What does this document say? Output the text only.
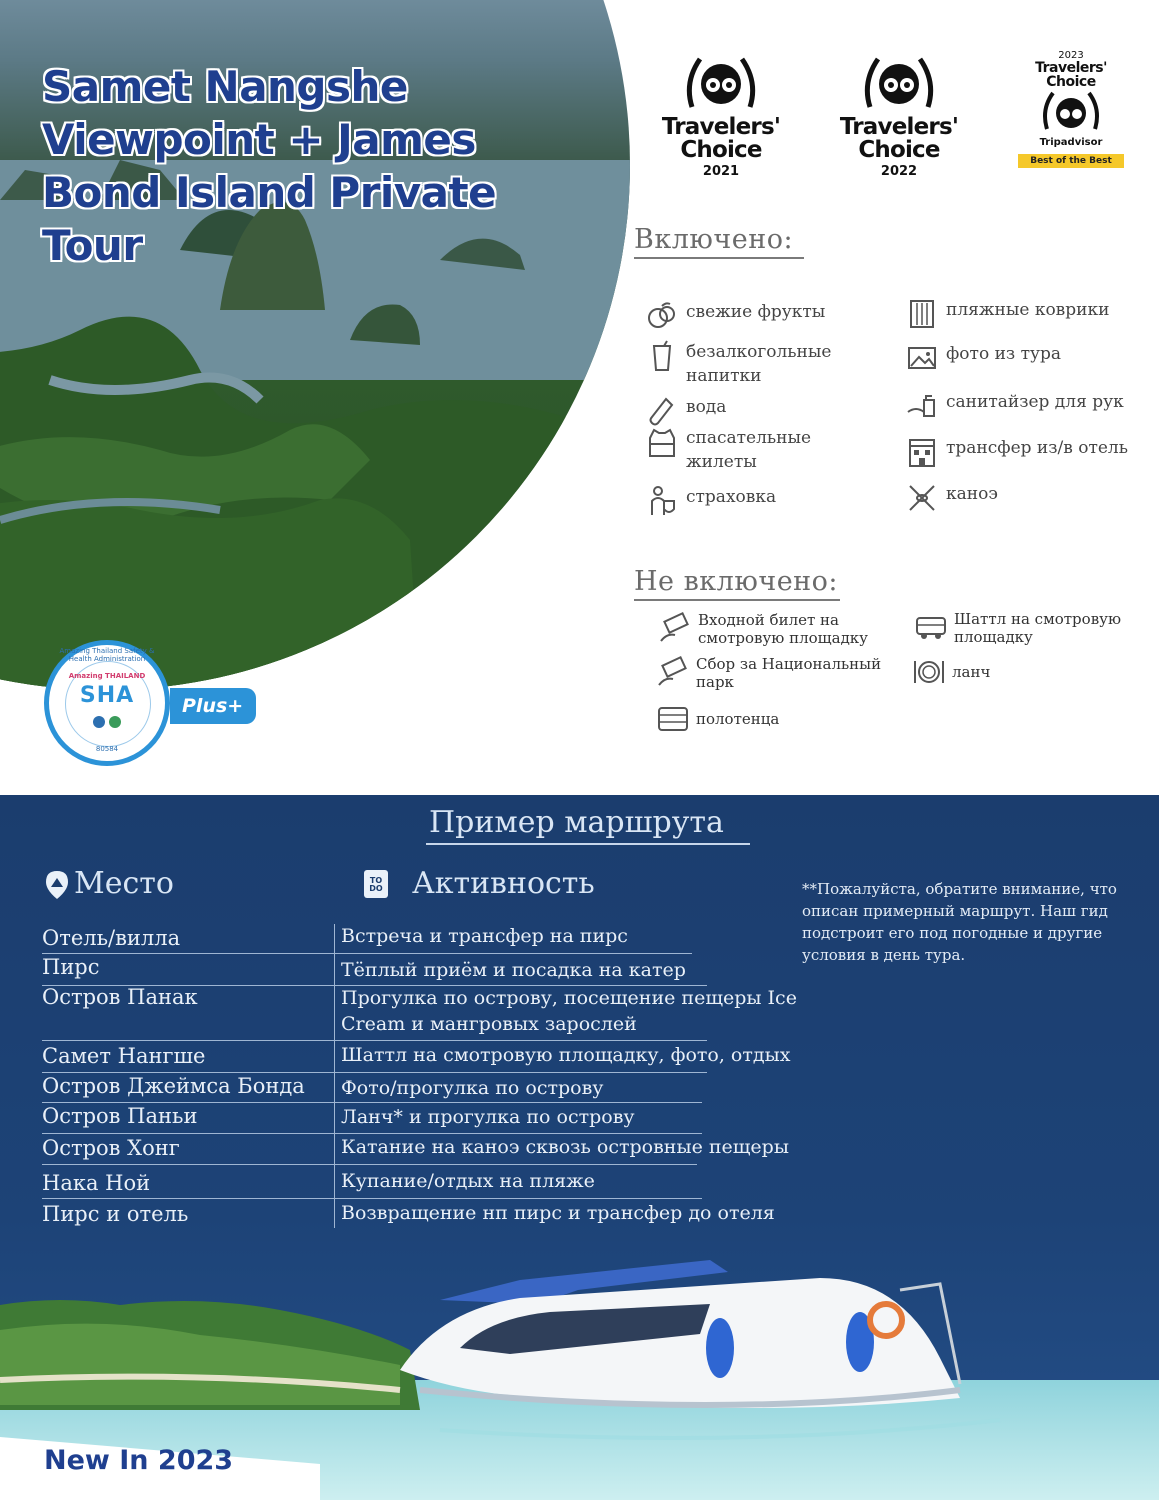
Samet Nangshe Viewpoint + James Bond Island Private Tour
Amazing Thailand Safety & Health Administration
Amazing THAILAND
SHA
80584
Plus+
Travelers' Choice
2021
Travelers' Choice
2022
2023
Travelers' Choice
Tripadvisor
Best of the Best
Включено:
свежие фрукты
безалкогольные напитки
вода
спасательные жилеты
страховка
пляжные коврики
фото из тура
санитайзер для рук
трансфер из/в отель
каноэ
Не включено:
Входной билет на смотровую площадку
Шаттл на смотровую площадку
Сбор за Национальный парк
ланч
полотенца
Пример маршрута
Место	TO DO Активность	**Пожалуйста, обратите внимание, что описан примерный маршрут. Наш гид подстроит его под погодные и другие условия в день тура.
Отель/вилла	Встреча и трансфер на пирс
Пирс	Тёплый приём и посадка на катер
Остров Панак	Прогулка по острову, посещение пещеры Ice Cream и мангровых зарослей
Самет Нангше	Шаттл на смотровую площадку, фото, отдых
Остров Джеймса Бонда	Фото/прогулка по острову
Остров Паньи	Ланч* и прогулка по острову
Остров Хонг	Катание на каноэ сквозь островные пещеры
Нака Ной	Купание/отдых на пляже
Пирс и отель	Возвращение нп пирс и трансфер до отеля
New In 2023
